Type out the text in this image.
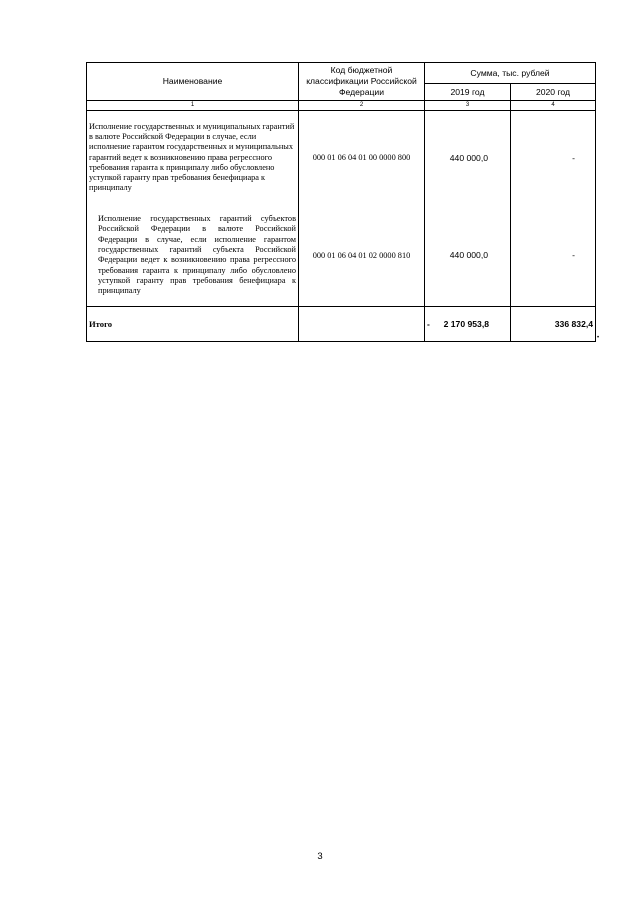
Наименование	Код бюджетной классификации Российской Федерации	Сумма, тыс. рублей	
		2019 год	2020 год
1	2	3	4
Исполнение государственных и муниципальных гарантий в валюте Российской Федерации в случае, если исполнение гарантом государственных и муниципальных гарантий ведет к возникновению права регрессного требования гаранта к принципалу либо обусловлено уступкой гаранту прав требования бенефициара к принципалу	000 01 06 04 01 00 0000 800	440 000,0	-

Исполнение государственных гарантий субъектов Российской Федерации в валюте Российской Федерации в случае, если исполнение гарантом государственных гарантий субъекта Российской Федерации ведет к возникновению права регрессного требования гаранта к принципалу либо обусловлено уступкой гаранту прав требования бенефициара к принципалу	000 01 06 04 01 02 0000 810	440 000,0	-

Итого		- 2 170 953,8	336 832,4
•
3
